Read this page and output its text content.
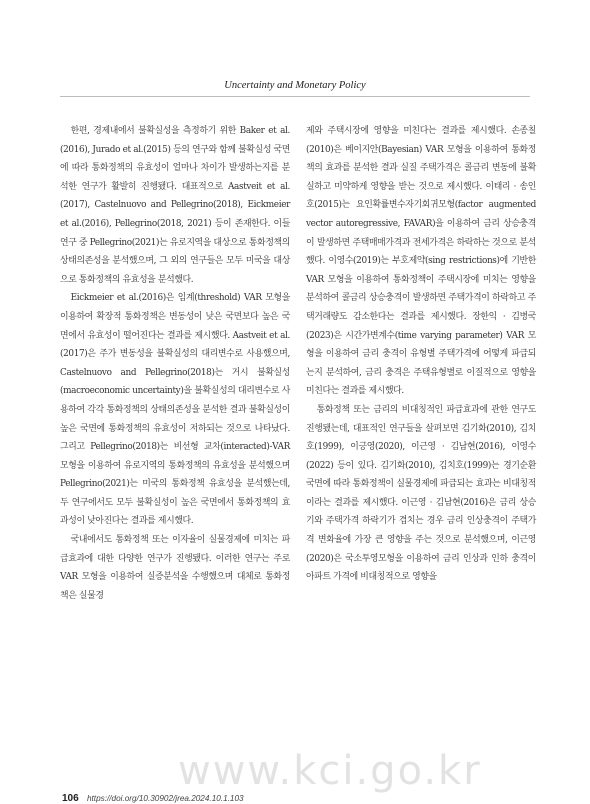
Uncertainty and Monetary Policy

한편, 경제내에서 불확실성을 측정하기 위한 Baker et al.(2016), Jurado et al.(2015) 등의 연구와 함께 불확실성 국면에 따라 통화정책의 유효성이 얼마나 차이가 발생하는지를 분석한 연구가 활발히 진행됐다. 대표적으로 Aastveit et al.(2017), Castelnuovo and Pellegrino(2018), Eickmeier et al.(2016), Pellegrino(2018, 2021) 등이 존재한다. 이들 연구 중 Pellegrino(2021)는 유로지역을 대상으로 통화정책의 상태의존성을 분석했으며, 그 외의 연구들은 모두 미국을 대상으로 통화정책의 유효성을 분석했다.

Eickmeier et al.(2016)은 임계(threshold) VAR 모형을 이용하여 확장적 통화정책은 변동성이 낮은 국면보다 높은 국면에서 유효성이 떨어진다는 결과를 제시했다. Aastveit et al.(2017)은 주가 변동성을 불확실성의 대리변수로 사용했으며, Castelnuovo and Pellegrino(2018)는 거시 불확실성(macroeconomic uncertainty)을 불확실성의 대리변수로 사용하여 각각 통화정책의 상태의존성을 분석한 결과 불확실성이 높은 국면에 통화정책의 유효성이 저하되는 것으로 나타났다. 그리고 Pellegrino(2018)는 비선형 교차(interacted)-VAR 모형을 이용하여 유로지역의 통화정책의 유효성을 분석했으며 Pellegrino(2021)는 미국의 통화정책 유효성을 분석했는데, 두 연구에서도 모두 불확실성이 높은 국면에서 통화정책의 효과성이 낮아진다는 결과를 제시했다.

국내에서도 통화정책 또는 이자율이 실물경제에 미치는 파급효과에 대한 다양한 연구가 진행됐다. 이러한 연구는 주로 VAR 모형을 이용하여 실증분석을 수행했으며 대체로 통화정책은 실물경

제와 주택시장에 영향을 미친다는 결과를 제시했다. 손종칠(2010)은 베이지안(Bayesian) VAR 모형을 이용하여 통화정책의 효과를 분석한 결과 실질 주택가격은 콜금리 변동에 불확실하고 미약하게 영향을 받는 것으로 제시했다. 이태리 · 송인호(2015)는 요인확률변수자기회귀모형(factor augmented vector autoregressive, FAVAR)을 이용하여 금리 상승충격이 발생하면 주택매매가격과 전세가격은 하락하는 것으로 분석했다. 이영수(2019)는 부호제약(sing restrictions)에 기반한 VAR 모형을 이용하여 통화정책이 주택시장에 미치는 영향을 분석하여 콜금리 상승충격이 발생하면 주택가격이 하락하고 주택거래량도 감소한다는 결과를 제시했다. 장한익 · 김병국(2023)은 시간가변계수(time varying parameter) VAR 모형을 이용하여 금리 충격이 유형별 주택가격에 어떻게 파급되는지 분석하여, 금리 충격은 주택유형별로 이질적으로 영향을 미친다는 결과를 제시했다.

통화정책 또는 금리의 비대칭적인 파급효과에 관한 연구도 진행됐는데, 대표적인 연구들을 살펴보면 김기화(2010), 김치호(1999), 이긍영(2020), 이근영 · 김남현(2016), 이영수(2022) 등이 있다. 김기화(2010), 김치호(1999)는 경기순환 국면에 따라 통화정책이 실물경제에 파급되는 효과는 비대칭적이라는 결과를 제시했다. 이근영 · 김남현(2016)은 금리 상승기와 주택가격 하락기가 겹치는 경우 금리 인상충격이 주택가격 변화율에 가장 큰 영향을 주는 것으로 분석했으며, 이근영(2020)은 국소투영모형을 이용하여 금리 인상과 인하 충격이 아파트 가격에 비대칭적으로 영향을

www.kci.go.kr
106 https://doi.org/10.30902/jrea.2024.10.1.103
